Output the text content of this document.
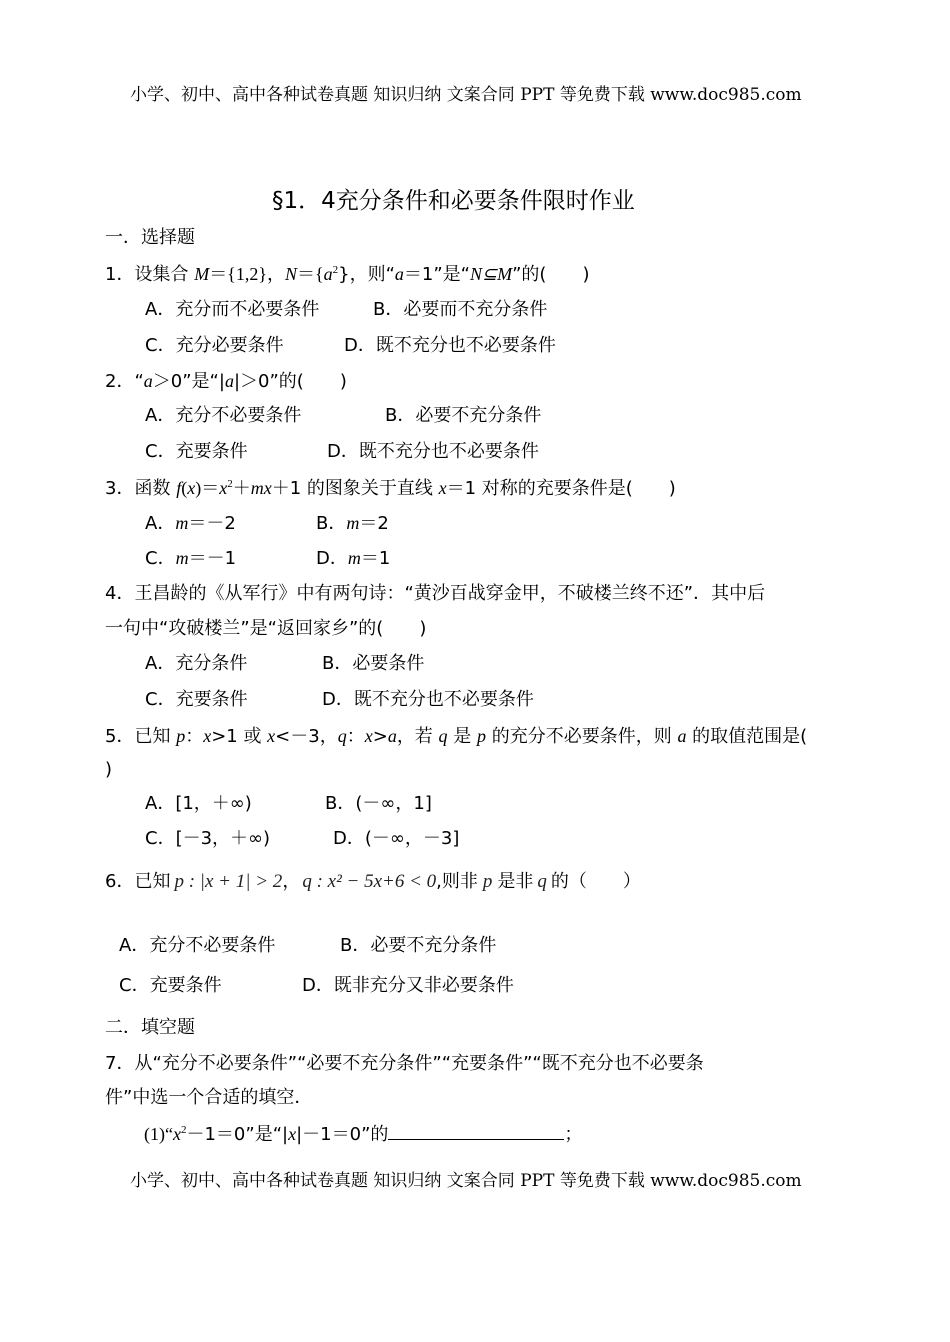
小学、初中、高中各种试卷真题 知识归纳 文案合同 PPT 等免费下载 www.doc985.com
§1．4充分条件和必要条件限时作业
一．选择题
1．设集合 M＝{1,2}，$N=\{a^2\}$，则“a＝1”是“N⊆M”的(　　)
A．充分而不必要条件	B．必要而不充分条件
C．充分必要条件	D．既不充分也不必要条件
2．“a＞0”是“|a|＞0”的(　　)
A．充分不必要条件	B．必要不充分条件
C．充要条件	D．既不充分也不必要条件
3．函数 $f(x)=x^2+mx+1$ 的图象关于直线 x＝1 对称的充要条件是(　　)
A．m＝－2	B．m＝2
C．m＝－1	D．m＝1
4．王昌龄的《从军行》中有两句诗：“黄沙百战穿金甲，不破楼兰终不还”．其中后
一句中“攻破楼兰”是“返回家乡”的(　　)
A．充分条件	B．必要条件
C．充要条件	D．既不充分也不必要条件
5．已知 p：x>1 或 x<－3，q：x>a，若 q 是 p 的充分不必要条件，则 a 的取值范围是(
)
A．[1，＋∞)	B．(－∞，1]
C．[－3，＋∞)	D．(－∞，－3]
6．已知 p : |x + 1| > 2， q : x² − 5x+6 < 0,则非 p 是非 q 的（　　）
A．充分不必要条件	B．必要不充分条件
C．充要条件	D．既非充分又非必要条件
二．填空题
7．从“充分不必要条件”“必要不充分条件”“充要条件”“既不充分也不必要条
件”中选一个合适的填空．
$(1)“x^2-1=0$”是“|x|－1＝0”的	；
小学、初中、高中各种试卷真题 知识归纳 文案合同 PPT 等免费下载 www.doc985.com
